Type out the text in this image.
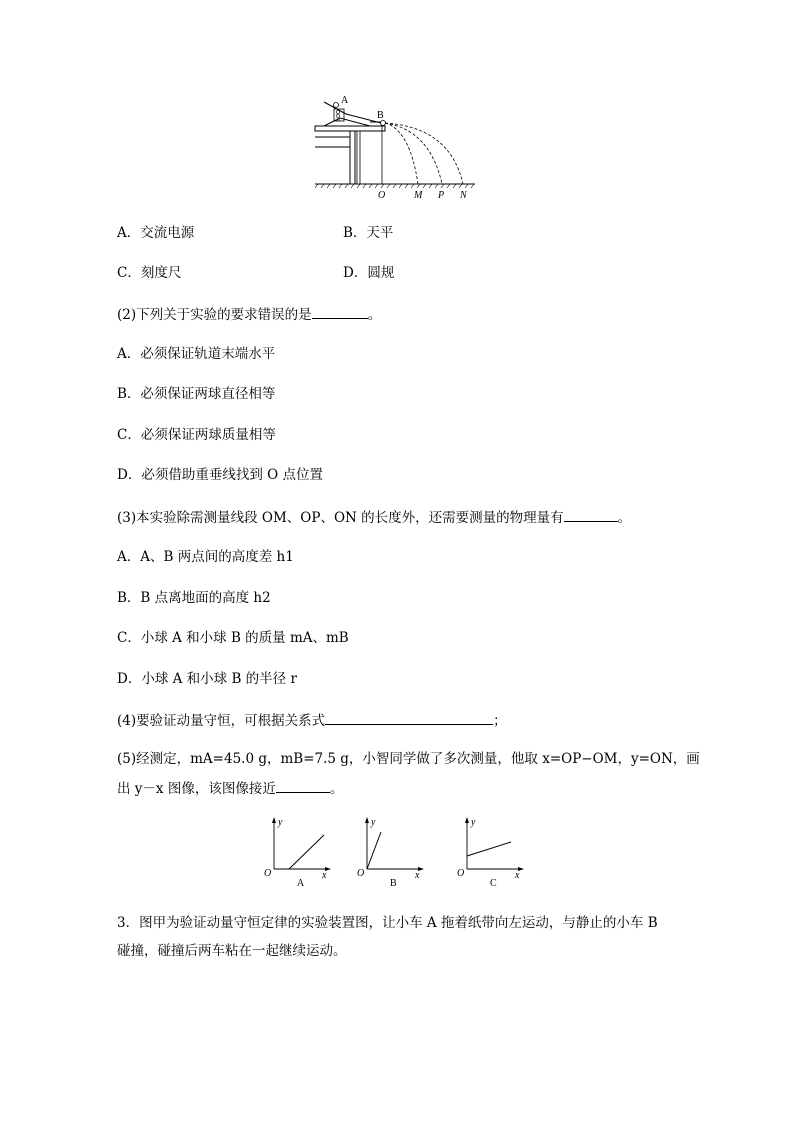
A
B
O	M P N
A．交流电源	B．天平
C．刻度尺	D．圆规
(2)下列关于实验的要求错误的是	。
A．必须保证轨道末端水平
B．必须保证两球直径相等
C．必须保证两球质量相等
D．必须借助重垂线找到 O 点位置
(3)本实验除需测量线段 OM、OP、ON 的长度外，还需要测量的物理量有	。
A．A、B 两点间的高度差 h1
B．B 点离地面的高度 h2
C．小球 A 和小球 B 的质量 mA、mB
D．小球 A 和小球 B 的半径 r
(4)要验证动量守恒，可根据关系式	；
(5)经测定，mA=45.0 g，mB=7.5 g，小智同学做了多次测量，他取 x=OP−OM，y=ON，画
出 y－x 图像，该图像接近	。
y
O	x
A
y
O	x
B
y
O	x
C
3．图甲为验证动量守恒定律的实验装置图，让小车 A 拖着纸带向左运动，与静止的小车 B
碰撞，碰撞后两车粘在一起继续运动。
